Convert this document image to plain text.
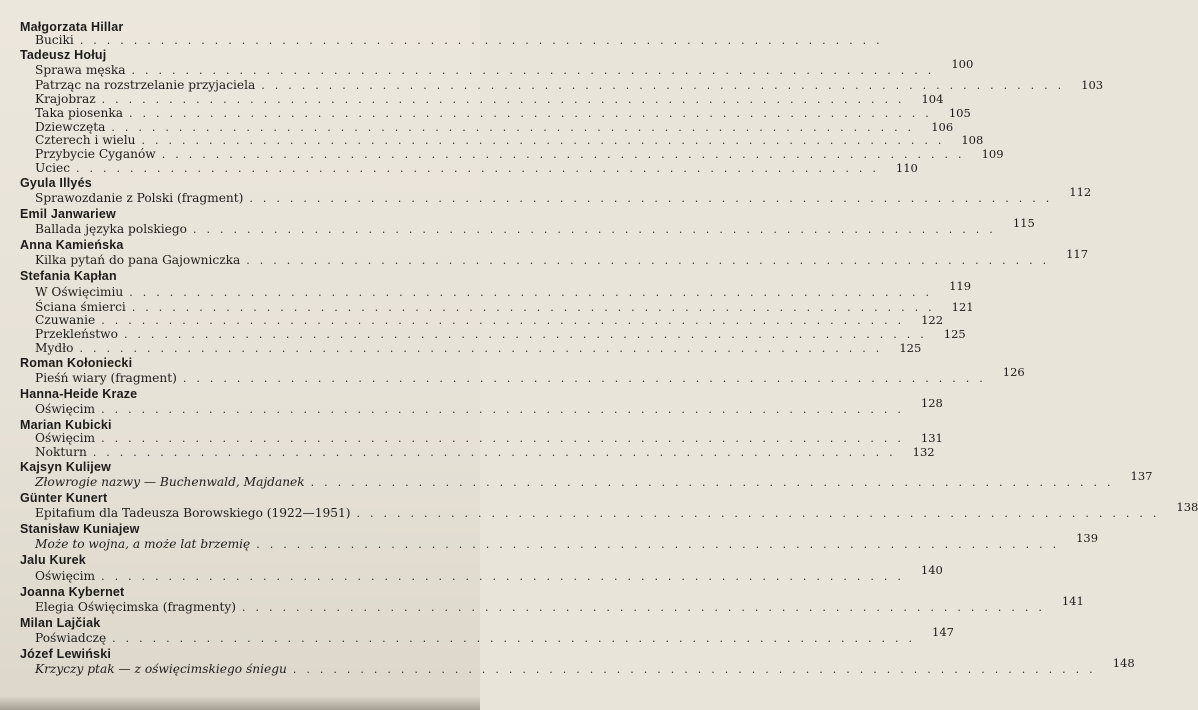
Małgorzata Hillar
Buciki ............................................................
Tadeusz Hołuj
Sprawa męska ............................................................ 100
Patrząc na rozstrzelanie przyjaciela ............................................................ 103
Krajobraz ............................................................ 104
Taka piosenka ............................................................ 105
Dziewczęta ............................................................ 106
Czterech i wielu ............................................................ 108
Przybycie Cyganów ............................................................ 109
Uciec ............................................................ 110
Gyula Illyés
Sprawozdanie z Polski (fragment) ............................................................ 112
Emil Janwariew
Ballada języka polskiego ............................................................ 115
Anna Kamieńska
Kilka pytań do pana Gajowniczka ............................................................ 117
Stefania Kapłan
W Oświęcimiu ............................................................ 119
Ściana śmierci ............................................................ 121
Czuwanie ............................................................ 122
Przekleństwo ............................................................ 125
Mydło ............................................................ 125
Roman Kołoniecki
Pieśń wiary (fragment) ............................................................ 126
Hanna-Heide Kraze
Oświęcim ............................................................ 128
Marian Kubicki
Oświęcim ............................................................ 131
Nokturn ............................................................ 132
Kajsyn Kulijew
Złowrogie nazwy — Buchenwald, Majdanek ............................................................ 137
Günter Kunert
Epitafium dla Tadeusza Borowskiego (1922—1951) ............................................................ 138
Stanisław Kuniajew
Może to wojna, a może lat brzemię ............................................................ 139
Jalu Kurek
Oświęcim ............................................................ 140
Joanna Kybernet
Elegia Oświęcimska (fragmenty) ............................................................ 141
Milan Lajčiak
Poświadczę ............................................................ 147
Józef Lewiński
Krzyczy ptak — z oświęcimskiego śniegu ............................................................ 148
